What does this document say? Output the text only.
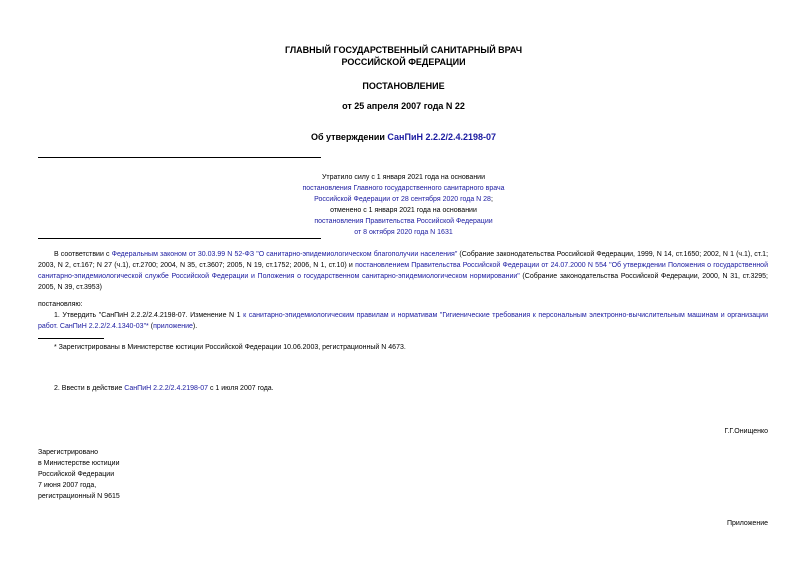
ГЛАВНЫЙ ГОСУДАРСТВЕННЫЙ САНИТАРНЫЙ ВРАЧ
РОССИЙСКОЙ ФЕДЕРАЦИИ
ПОСТАНОВЛЕНИЕ
от 25 апреля 2007 года N 22
Об утверждении СанПиН 2.2.2/2.4.2198-07
Утратило силу с 1 января 2021 года на основании
постановления Главного государственного санитарного врача
Российской Федерации от 28 сентября 2020 года N 28;
отменено с 1 января 2021 года на основании
постановления Правительства Российской Федерации
от 8 октября 2020 года N 1631
В соответствии с Федеральным законом от 30.03.99 N 52-ФЗ "О санитарно-эпидемиологическом благополучии населения" (Собрание законодательства Российской Федерации, 1999, N 14, ст.1650; 2002, N 1 (ч.1), ст.1; 2003, N 2, ст.167; N 27 (ч.1), ст.2700; 2004, N 35, ст.3607; 2005, N 19, ст.1752; 2006, N 1, ст.10) и постановлением Правительства Российской Федерации от 24.07.2000 N 554 "Об утверждении Положения о государственной санитарно-эпидемиологической службе Российской Федерации и Положения о государственном санитарно-эпидемиологическом нормировании" (Собрание законодательства Российской Федерации, 2000, N 31, ст.3295; 2005, N 39, ст.3953)
постановляю:
1. Утвердить "СанПиН 2.2.2/2.4.2198-07. Изменение N 1 к санитарно-эпидемиологическим правилам и нормативам "Гигиенические требования к персональным электронно-вычислительным машинам и организации работ. СанПиН 2.2.2/2.4.1340-03"* (приложение).
* Зарегистрированы в Министерстве юстиции Российской Федерации 10.06.2003, регистрационный N 4673.
2. Ввести в действие СанПиН 2.2.2/2.4.2198-07 с 1 июля 2007 года.
Г.Г.Онищенко
Зарегистрировано
в Министерстве юстиции
Российской Федерации
7 июня 2007 года,
регистрационный N 9615
Приложение
